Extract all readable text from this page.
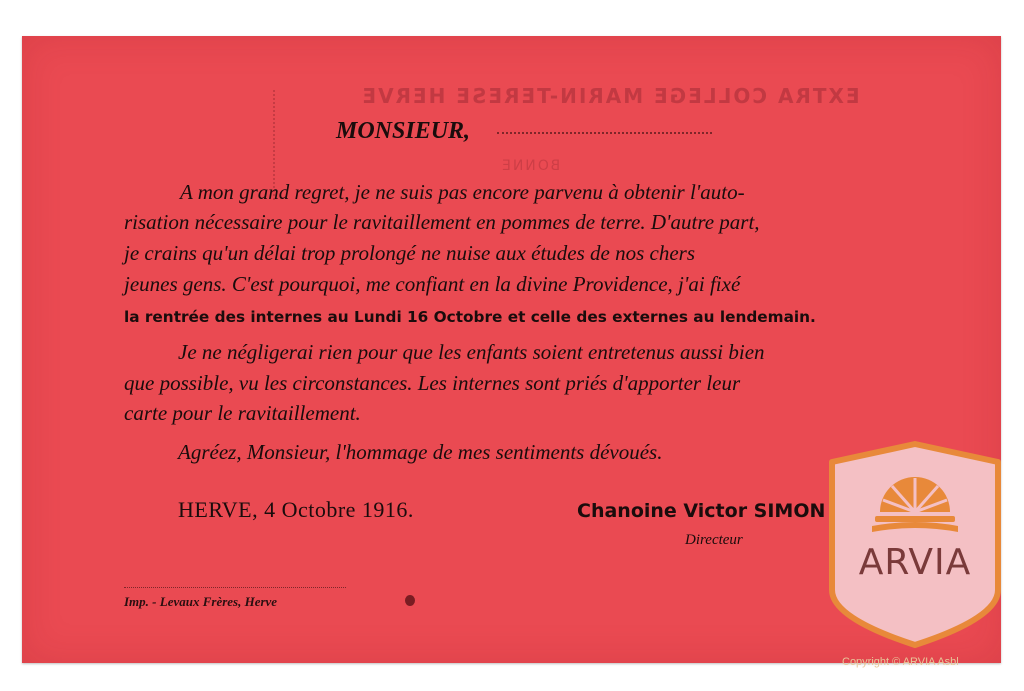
EXTRA COLLEGE MARIN-TERESE HERVE
BONNE
MONSIEUR,
A mon grand regret, je ne suis pas encore parvenu à obtenir l'auto-
risation nécessaire pour le ravitaillement en pommes de terre. D'autre part,
je crains qu'un délai trop prolongé ne nuise aux études de nos chers
jeunes gens. C'est pourquoi, me confiant en la divine Providence, j'ai fixé
la rentrée des internes au Lundi 16 Octobre et celle des externes au lendemain.
Je ne négligerai rien pour que les enfants soient entretenus aussi bien
que possible, vu les circonstances. Les internes sont priés d'apporter leur
carte pour le ravitaillement.
Agréez, Monsieur, l'hommage de mes sentiments dévoués.
HERVE, 4 Octobre 1916.	Chanoine Victor SIMON
Directeur
Imp. - Levaux Frères, Herve
ARVIA
Copyright © ARVIA Asbl
